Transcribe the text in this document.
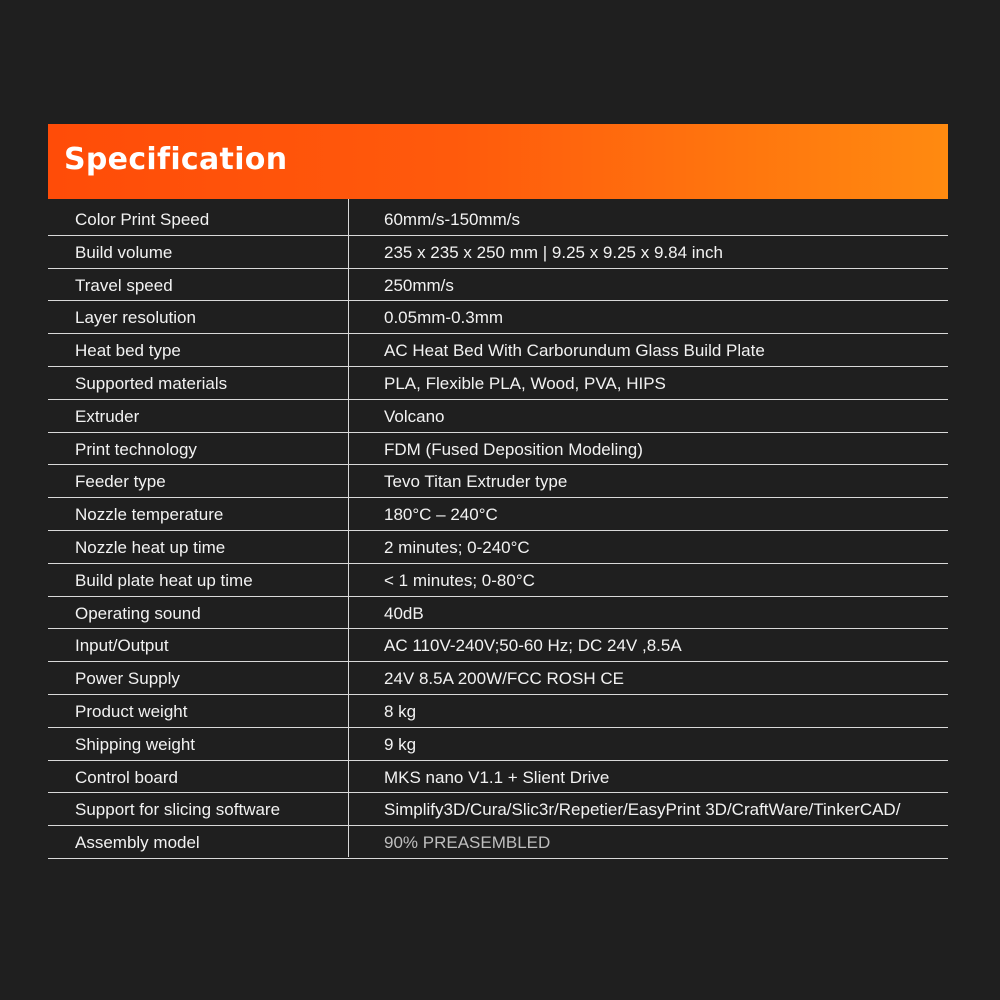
Specification
Color Print Speed	60mm/s-150mm/s
Build volume	235 x 235 x 250 mm | 9.25 x 9.25 x 9.84 inch
Travel speed	250mm/s
Layer resolution	0.05mm-0.3mm
Heat bed type	AC Heat Bed With Carborundum Glass Build Plate
Supported materials	PLA, Flexible PLA, Wood, PVA, HIPS
Extruder	Volcano
Print technology	FDM (Fused Deposition Modeling)
Feeder type	Tevo Titan Extruder type
Nozzle temperature	180°C – 240°C
Nozzle heat up time	2 minutes; 0-240°C
Build plate heat up time	< 1 minutes; 0-80°C
Operating sound	40dB
Input/Output	AC 110V-240V;50-60 Hz; DC 24V ,8.5A
Power Supply	24V 8.5A 200W/FCC ROSH CE
Product weight	8 kg
Shipping weight	9 kg
Control board	MKS nano V1.1 + Slient Drive
Support for slicing software	Simplify3D/Cura/Slic3r/Repetier/EasyPrint 3D/CraftWare/TinkerCAD/
Assembly model	90% PREASEMBLED
